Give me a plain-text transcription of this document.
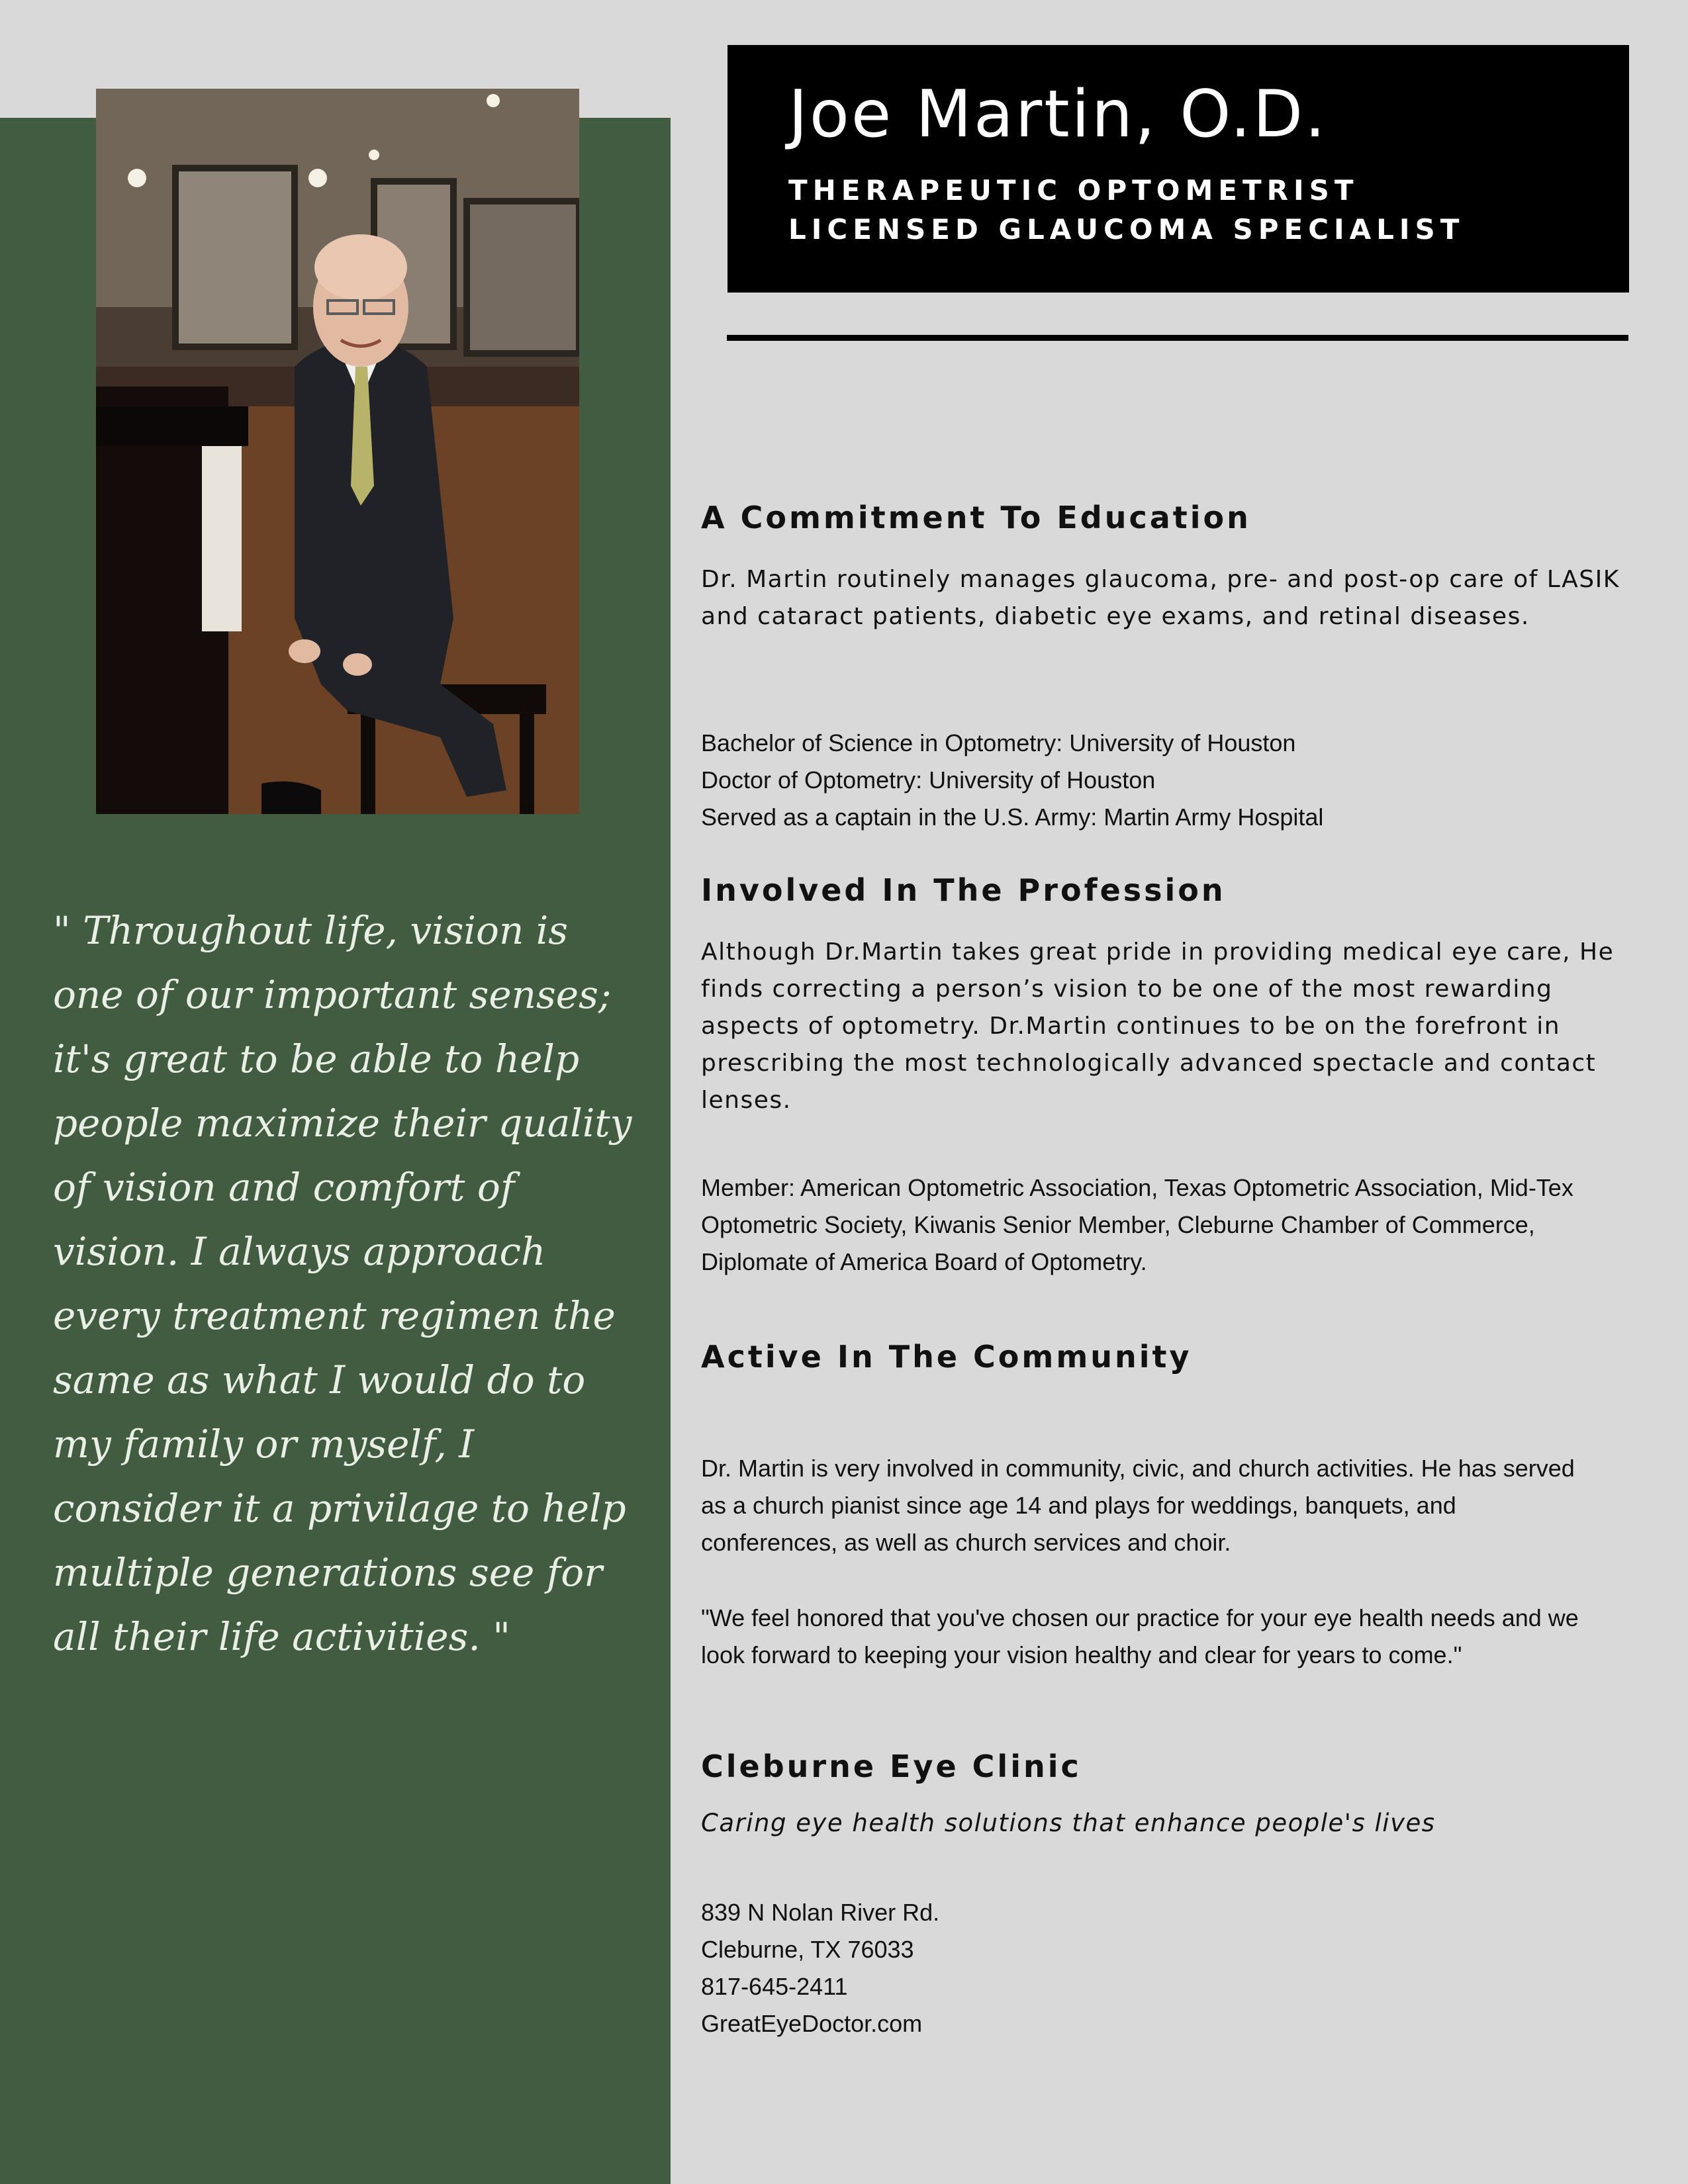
" Throughout life, vision is one of our important senses; it's great to be able to help people maximize their quality of vision and comfort of vision. I always approach every treatment regimen the same as what I would do to my family or myself, I consider it a privilage to help multiple generations see for all their life activities. "

Joe Martin, O.D.

THERAPEUTIC OPTOMETRIST
LICENSED GLAUCOMA SPECIALIST

A Commitment To Education

Dr. Martin routinely manages glaucoma, pre- and post-op care of LASIK and cataract patients, diabetic eye exams, and retinal diseases.

Bachelor of Science in Optometry: University of Houston

Doctor of Optometry: University of Houston

Served as a captain in the U.S. Army: Martin Army Hospital

Involved In The Profession

Although Dr.Martin takes great pride in providing medical eye care, He finds correcting a person’s vision to be one of the most rewarding aspects of optometry. Dr.Martin continues to be on the forefront in prescribing the most technologically advanced spectacle and contact lenses.

Member: American Optometric Association, Texas Optometric Association, Mid-Tex Optometric Society, Kiwanis Senior Member, Cleburne Chamber of Commerce, Diplomate of America Board of Optometry.

Active In The Community

Dr. Martin is very involved in community, civic, and church activities. He has served as a church pianist since age 14 and plays for weddings, banquets, and conferences, as well as church services and choir.

"We feel honored that you've chosen our practice for your eye health needs and we look forward to keeping your vision healthy and clear for years to come."

Cleburne Eye Clinic

Caring eye health solutions that enhance people's lives

839 N Nolan River Rd.

Cleburne, TX 76033

817-645-2411

GreatEyeDoctor.com
